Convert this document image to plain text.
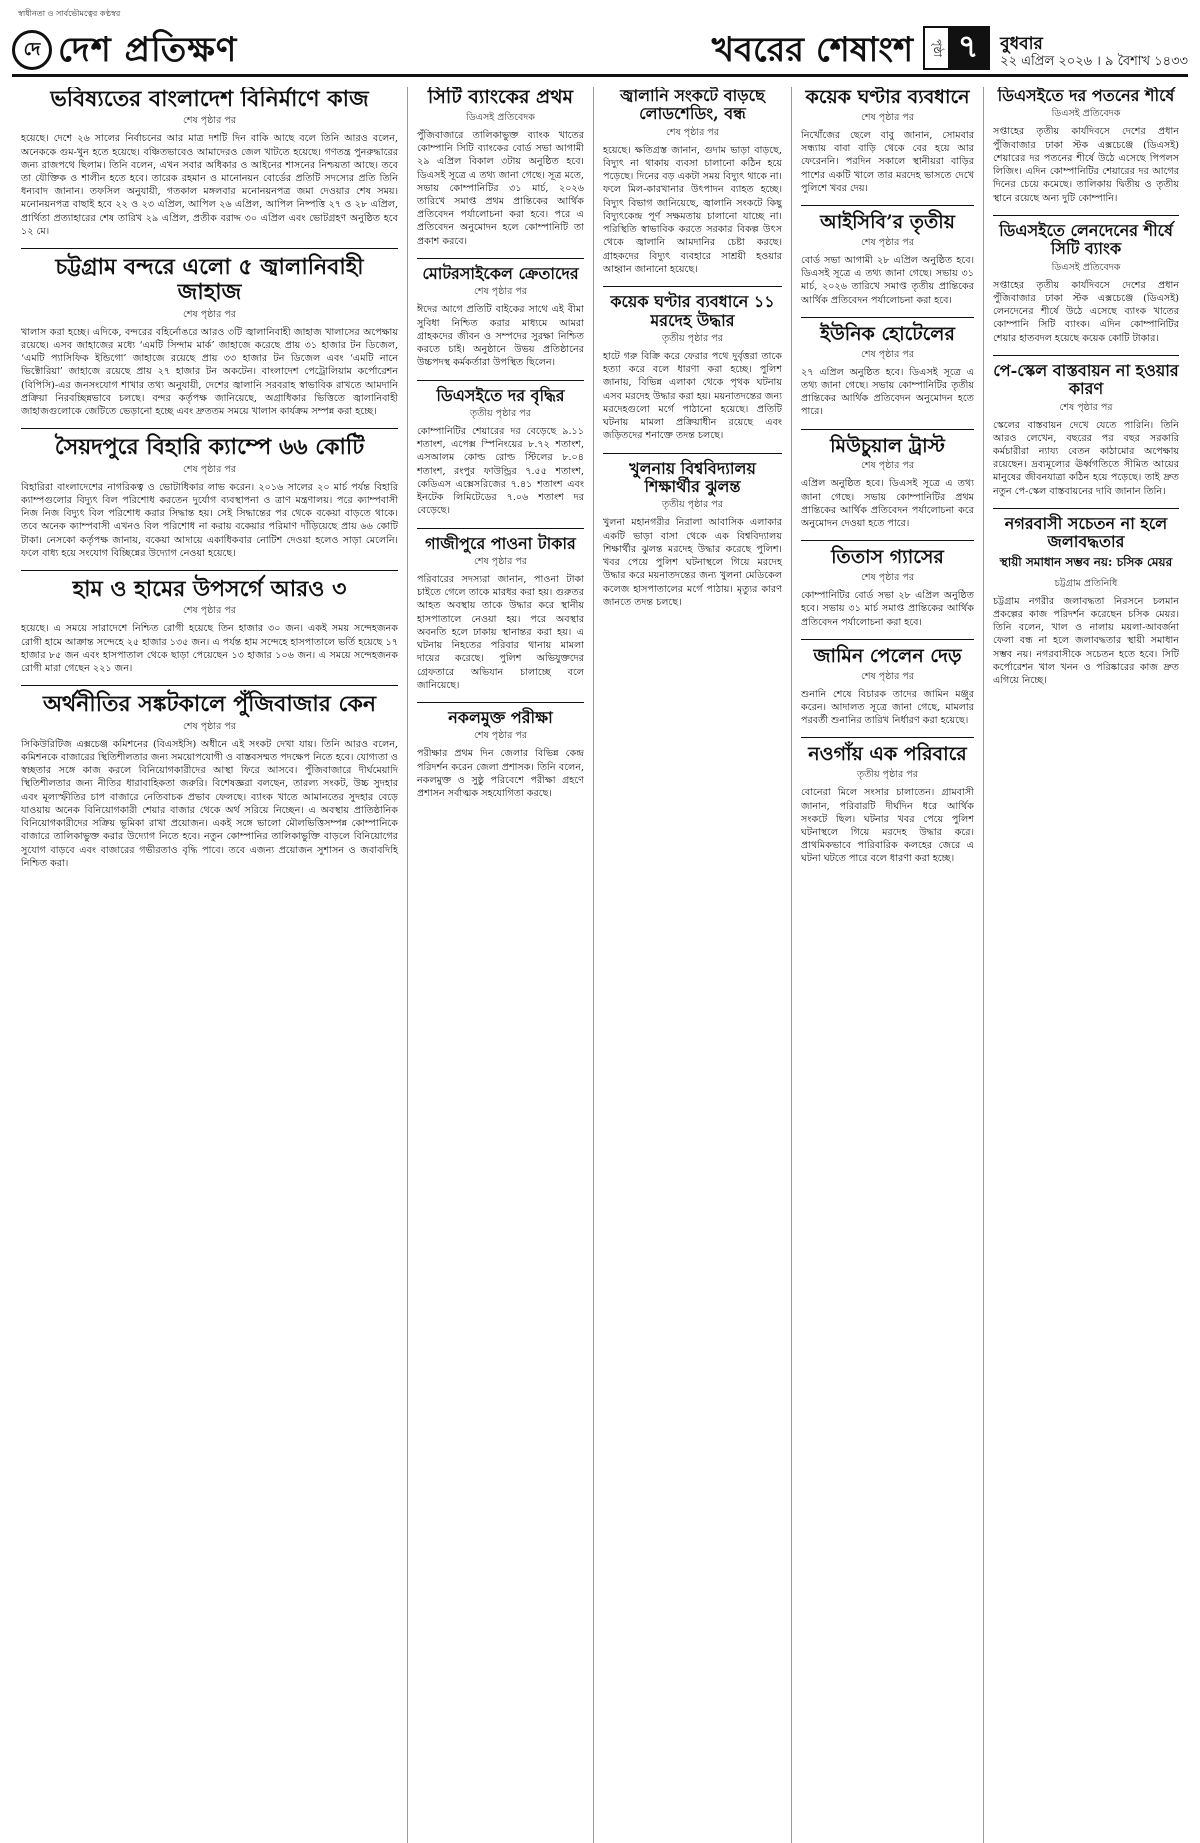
স্বাধীনতা ও সার্বভৌমত্বের কণ্ঠস্বর
দে দেশ প্রতিক্ষণ	খবরের শেষাংশ	পৃষ্ঠা ৭	বুধবার
২২ এপ্রিল ২০২৬ । ৯ বৈশাখ ১৪৩৩
ভবিষ্যতের বাংলাদেশ বিনির্মাণে কাজ

শেষ পৃষ্ঠার পর

হয়েছে। দেশে ২৬ সালের নির্বাচনের আর মাত্র দশটি দিন বাকি আছে বলে তিনি আরও বলেন, অনেককে গুম-খুন হতে হয়েছে। বঞ্চিতভাবেও আমাদেরও জেল খাটতে হয়েছে। গণতন্ত্র পুনরুদ্ধারের জন্য রাজপথে ছিলাম। তিনি বলেন, এখন সবার অধিকার ও আইনের শাসনের নিশ্চয়তা আছে। তবে তা যৌক্তিক ও শালীন হতে হবে। তারেক রহমান ও মানোনয়ন বোর্ডের প্রতিটি সদস্যের প্রতি তিনি ধন্যবাদ জানান। তফসিল অনুযায়ী, গতকাল মঙ্গলবার মনোনয়নপত্র জমা দেওয়ার শেষ সময়। মনোনয়নপত্র বাছাই হবে ২২ ও ২৩ এপ্রিল, আপিল ২৬ এপ্রিল, আপিল নিষ্পত্তি ২৭ ও ২৮ এপ্রিল, প্রার্থিতা প্রত্যাহারের শেষ তারিখ ২৯ এপ্রিল, প্রতীক বরাদ্দ ৩০ এপ্রিল এবং ভোটগ্রহণ অনুষ্ঠিত হবে ১২ মে।

চট্টগ্রাম বন্দরে এলো ৫ জ্বালানিবাহী জাহাজ

শেষ পৃষ্ঠার পর

খালাস করা হচ্ছে। এদিকে, বন্দরের বহির্নোঙরে আরও ৩টি জ্বালানিবাহী জাহাজ খালাসের অপেক্ষায় রয়েছে। এসব জাহাজের মধ্যে ‘এমটি সিন্দাম মার্ক’ জাহাজে করেছে প্রায় ৩১ হাজার টন ডিজেল, ‘এমটি প্যাসিফিক ইন্ডিগো’ জাহাজে রয়েছে প্রায় ৩৩ হাজার টন ডিজেল এবং ‘এমটি নানে ভিক্টোরিয়া’ জাহাজে রয়েছে প্রায় ২৭ হাজার টন অকটেন। বাংলাদেশ পেট্রোলিয়াম কর্পোরেশন (বিপিসি)-এর জনসংযোগ শাখার তথ্য অনুযায়ী, দেশের জ্বালানি সরবরাহ স্বাভাবিক রাখতে আমদানি প্রক্রিয়া নিরবচ্ছিন্নভাবে চলছে। বন্দর কর্তৃপক্ষ জানিয়েছে, অগ্রাধিকার ভিত্তিতে জ্বালানিবাহী জাহাজগুলোকে জেটিতে ভেড়ানো হচ্ছে এবং দ্রুততম সময়ে খালাস কার্যক্রম সম্পন্ন করা হচ্ছে।

সৈয়দপুরে বিহারি ক্যাম্পে ৬৬ কোটি

শেষ পৃষ্ঠার পর

বিহারিরা বাংলাদেশের নাগরিকত্ব ও ভোটাধিকার লাভ করেন। ২০১৬ সালের ২০ মার্চ পর্যন্ত বিহারি ক্যাম্পগুলোর বিদ্যুৎ বিল পরিশোধ করতেন দুর্যোগ ব্যবস্থাপনা ও ত্রাণ মন্ত্রণালয়। পরে ক্যাম্পবাসী নিজ নিজ বিদ্যুৎ বিল পরিশোধ করার সিদ্ধান্ত হয়। সেই সিদ্ধান্তের পর থেকে বকেয়া বাড়তে থাকে। তবে অনেক ক্যাম্পবাসী এখনও বিল পরিশোধ না করায় বকেয়ার পরিমাণ দাঁড়িয়েছে প্রায় ৬৬ কোটি টাকা। নেসকো কর্তৃপক্ষ জানায়, বকেয়া আদায়ে একাধিকবার নোটিশ দেওয়া হলেও সাড়া মেলেনি। ফলে বাধ্য হয়ে সংযোগ বিচ্ছিন্নের উদ্যোগ নেওয়া হয়েছে।

হাম ও হামের উপসর্গে আরও ৩

শেষ পৃষ্ঠার পর

হয়েছে। এ সময়ে সারাদেশে নিশ্চিত রোগী হয়েছে তিন হাজার ৩০ জন। একই সময় সন্দেহজনক রোগী হামে আক্রান্ত সন্দেহে ২৫ হাজার ১৩৫ জন। এ পর্যন্ত হাম সন্দেহে হাসপাতালে ভর্তি হয়েছে ১৭ হাজার ৮৫ জন এবং হাসপাতাল থেকে ছাড়া পেয়েছেন ১৩ হাজার ১০৬ জন। এ সময়ে সন্দেহজনক রোগী মারা গেছেন ২২১ জন।

অর্থনীতির সঙ্কটকালে পুঁজিবাজার কেন

শেষ পৃষ্ঠার পর

সিকিউরিটিজ এক্সচেঞ্জ কমিশনের (বিএসইসি) অধীনে এই সংকট দেখা যায়। তিনি আরও বলেন, কমিশনকে বাজারের স্থিতিশীলতার জন্য সময়োপযোগী ও বাস্তবসম্মত পদক্ষেপ নিতে হবে। যোগ্যতা ও স্বচ্ছতার সঙ্গে কাজ করলে বিনিয়োগকারীদের আস্থা ফিরে আসবে। পুঁজিবাজারে দীর্ঘমেয়াদি স্থিতিশীলতার জন্য নীতির ধারাবাহিকতা জরুরি। বিশেষজ্ঞরা বলছেন, তারল্য সংকট, উচ্চ সুদহার এবং মূল্যস্ফীতির চাপ বাজারে নেতিবাচক প্রভাব ফেলছে। ব্যাংক খাতে আমানতের সুদহার বেড়ে যাওয়ায় অনেক বিনিয়োগকারী শেয়ার বাজার থেকে অর্থ সরিয়ে নিচ্ছেন। এ অবস্থায় প্রাতিষ্ঠানিক বিনিয়োগকারীদের সক্রিয় ভূমিকা রাখা প্রয়োজন। একই সঙ্গে ভালো মৌলভিত্তিসম্পন্ন কোম্পানিকে বাজারে তালিকাভুক্ত করার উদ্যোগ নিতে হবে। নতুন কোম্পানির তালিকাভুক্তি বাড়লে বিনিয়োগের সুযোগ বাড়বে এবং বাজারের গভীরতাও বৃদ্ধি পাবে। তবে এজন্য প্রয়োজন সুশাসন ও জবাবদিহি নিশ্চিত করা।

সিটি ব্যাংকের প্রথম

ডিএসই প্রতিবেদক

পুঁজিবাজারে তালিকাভুক্ত ব্যাংক খাতের কোম্পানি সিটি ব্যাংকের বোর্ড সভা আগামী ২৯ এপ্রিল বিকাল ৩টায় অনুষ্ঠিত হবে। ডিএসই সূত্রে এ তথ্য জানা গেছে। সূত্র মতে, সভায় কোম্পানিটির ৩১ মার্চ, ২০২৬ তারিখে সমাপ্ত প্রথম প্রান্তিকের আর্থিক প্রতিবেদন পর্যালোচনা করা হবে। পরে এ প্রতিবেদন অনুমোদন হলে কোম্পানিটি তা প্রকাশ করবে।

মোটরসাইকেল ক্রেতাদের

শেষ পৃষ্ঠার পর

ঈদের আগে প্রতিটি বাইকের সাথে এই বীমা সুবিধা নিশ্চিত করার মাধ্যমে আমরা গ্রাহকদের জীবন ও সম্পদের সুরক্ষা নিশ্চিত করতে চাই। অনুষ্ঠানে উভয় প্রতিষ্ঠানের উচ্চপদস্থ কর্মকর্তারা উপস্থিত ছিলেন।

ডিএসইতে দর বৃদ্ধির

তৃতীয় পৃষ্ঠার পর

কোম্পানিটির শেয়ারের দর বেড়েছে ৯.১১ শতাংশ, এপেক্স স্পিনিংয়ের ৮.৭২ শতাংশ, এসআলম কোল্ড রোল্ড স্টিলের ৮.০৪ শতাংশ, রংপুর ফাউন্ড্রির ৭.৫৫ শতাংশ, কেডিএস এক্সেসরিজের ৭.৪১ শতাংশ এবং ইনটেক লিমিটেডের ৭.০৬ শতাংশ দর বেড়েছে।

গাজীপুরে পাওনা টাকার

শেষ পৃষ্ঠার পর

পরিবারের সদস্যরা জানান, পাওনা টাকা চাইতে গেলে তাকে মারধর করা হয়। গুরুতর আহত অবস্থায় তাকে উদ্ধার করে স্থানীয় হাসপাতালে নেওয়া হয়। পরে অবস্থার অবনতি হলে ঢাকায় স্থানান্তর করা হয়। এ ঘটনায় নিহতের পরিবার থানায় মামলা দায়ের করেছে। পুলিশ অভিযুক্তদের গ্রেফতারে অভিযান চালাচ্ছে বলে জানিয়েছে।

নকলমুক্ত পরীক্ষা

শেষ পৃষ্ঠার পর

পরীক্ষার প্রথম দিন জেলার বিভিন্ন কেন্দ্র পরিদর্শন করেন জেলা প্রশাসক। তিনি বলেন, নকলমুক্ত ও সুষ্ঠু পরিবেশে পরীক্ষা গ্রহণে প্রশাসন সর্বাত্মক সহযোগিতা করছে।

জ্বালানি সংকটে বাড়ছে লোডশেডিং, বন্ধ

শেষ পৃষ্ঠার পর

হয়েছে। ক্ষতিগ্রস্ত জানান, গুদাম ভাড়া বাড়ছে, বিদ্যুৎ না থাকায় ব্যবসা চালানো কঠিন হয়ে পড়েছে। দিনের বড় একটা সময় বিদ্যুৎ থাকে না। ফলে মিল-কারখানার উৎপাদন ব্যাহত হচ্ছে। বিদ্যুৎ বিভাগ জানিয়েছে, জ্বালানি সংকটে কিছু বিদ্যুৎকেন্দ্র পূর্ণ সক্ষমতায় চালানো যাচ্ছে না। পরিস্থিতি স্বাভাবিক করতে সরকার বিকল্প উৎস থেকে জ্বালানি আমদানির চেষ্টা করছে। গ্রাহকদের বিদ্যুৎ ব্যবহারে সাশ্রয়ী হওয়ার আহ্বান জানানো হয়েছে।

কয়েক ঘণ্টার ব্যবধানে ১১ মরদেহ উদ্ধার

তৃতীয় পৃষ্ঠার পর

হাটে গরু বিক্রি করে ফেরার পথে দুর্বৃত্তরা তাকে হত্যা করে বলে ধারণা করা হচ্ছে। পুলিশ জানায়, বিভিন্ন এলাকা থেকে পৃথক ঘটনায় এসব মরদেহ উদ্ধার করা হয়। ময়নাতদন্তের জন্য মরদেহগুলো মর্গে পাঠানো হয়েছে। প্রতিটি ঘটনায় মামলা প্রক্রিয়াধীন রয়েছে এবং জড়িতদের শনাক্তে তদন্ত চলছে।

খুলনায় বিশ্ববিদ্যালয় শিক্ষার্থীর ঝুলন্ত

তৃতীয় পৃষ্ঠার পর

খুলনা মহানগরীর নিরালা আবাসিক এলাকার একটি ভাড়া বাসা থেকে এক বিশ্ববিদ্যালয় শিক্ষার্থীর ঝুলন্ত মরদেহ উদ্ধার করেছে পুলিশ। খবর পেয়ে পুলিশ ঘটনাস্থলে গিয়ে মরদেহ উদ্ধার করে ময়নাতদন্তের জন্য খুলনা মেডিকেল কলেজ হাসপাতালের মর্গে পাঠায়। মৃত্যুর কারণ জানতে তদন্ত চলছে।

কয়েক ঘণ্টার ব্যবধানে

শেষ পৃষ্ঠার পর

নিখোঁজের ছেলে বাবু জানান, সোমবার সন্ধ্যায় বাবা বাড়ি থেকে বের হয়ে আর ফেরেননি। পরদিন সকালে স্থানীয়রা বাড়ির পাশের একটি খালে তার মরদেহ ভাসতে দেখে পুলিশে খবর দেয়।

আইসিবি’র তৃতীয়

শেষ পৃষ্ঠার পর

বোর্ড সভা আগামী ২৮ এপ্রিল অনুষ্ঠিত হবে। ডিএসই সূত্রে এ তথ্য জানা গেছে। সভায় ৩১ মার্চ, ২০২৬ তারিখে সমাপ্ত তৃতীয় প্রান্তিকের আর্থিক প্রতিবেদন পর্যালোচনা করা হবে।

ইউনিক হোটেলের

শেষ পৃষ্ঠার পর

২৭ এপ্রিল অনুষ্ঠিত হবে। ডিএসই সূত্রে এ তথ্য জানা গেছে। সভায় কোম্পানিটির তৃতীয় প্রান্তিকের আর্থিক প্রতিবেদন অনুমোদন হতে পারে।

মিউচুয়াল ট্রাস্ট

শেষ পৃষ্ঠার পর

এপ্রিল অনুষ্ঠিত হবে। ডিএসই সূত্রে এ তথ্য জানা গেছে। সভায় কোম্পানিটির প্রথম প্রান্তিকের আর্থিক প্রতিবেদন পর্যালোচনা করে অনুমোদন দেওয়া হতে পারে।

তিতাস গ্যাসের

শেষ পৃষ্ঠার পর

কোম্পানিটির বোর্ড সভা ২৮ এপ্রিল অনুষ্ঠিত হবে। সভায় ৩১ মার্চ সমাপ্ত প্রান্তিকের আর্থিক প্রতিবেদন পর্যালোচনা করা হবে।

জামিন পেলেন দেড়

শেষ পৃষ্ঠার পর

শুনানি শেষে বিচারক তাদের জামিন মঞ্জুর করেন। আদালত সূত্রে জানা গেছে, মামলার পরবর্তী শুনানির তারিখ নির্ধারণ করা হয়েছে।

নওগাঁয় এক পরিবারে

তৃতীয় পৃষ্ঠার পর

বোনেরা মিলে সংসার চালাতেন। গ্রামবাসী জানান, পরিবারটি দীর্ঘদিন ধরে আর্থিক সংকটে ছিল। ঘটনার খবর পেয়ে পুলিশ ঘটনাস্থলে গিয়ে মরদেহ উদ্ধার করে। প্রাথমিকভাবে পারিবারিক কলহের জেরে এ ঘটনা ঘটতে পারে বলে ধারণা করা হচ্ছে।

ডিএসইতে দর পতনের শীর্ষে

ডিএসই প্রতিবেদক

সপ্তাহের তৃতীয় কার্যদিবসে দেশের প্রধান পুঁজিবাজার ঢাকা স্টক এক্সচেঞ্জে (ডিএসই) শেয়ারের দর পতনের শীর্ষে উঠে এসেছে পিপলস লিজিং। এদিন কোম্পানিটির শেয়ারের দর আগের দিনের চেয়ে কমেছে। তালিকায় দ্বিতীয় ও তৃতীয় স্থানে রয়েছে অন্য দুটি কোম্পানি।

ডিএসইতে লেনদেনের শীর্ষে সিটি ব্যাংক

ডিএসই প্রতিবেদক

সপ্তাহের তৃতীয় কার্যদিবসে দেশের প্রধান পুঁজিবাজার ঢাকা স্টক এক্সচেঞ্জে (ডিএসই) লেনদেনের শীর্ষে উঠে এসেছে ব্যাংক খাতের কোম্পানি সিটি ব্যাংক। এদিন কোম্পানিটির শেয়ার হাতবদল হয়েছে কয়েক কোটি টাকার।

পে-স্কেল বাস্তবায়ন না হওয়ার কারণ

শেষ পৃষ্ঠার পর

স্কেলের বাস্তবায়ন দেখে যেতে পারিনি। তিনি আরও লেখেন, বছরের পর বছর সরকারি কর্মচারীরা ন্যায্য বেতন কাঠামোর অপেক্ষায় রয়েছেন। দ্রব্যমূল্যের ঊর্ধ্বগতিতে সীমিত আয়ের মানুষের জীবনযাত্রা কঠিন হয়ে পড়েছে। তাই দ্রুত নতুন পে-স্কেল বাস্তবায়নের দাবি জানান তিনি।

নগরবাসী সচেতন না হলে জলাবদ্ধতার

স্থায়ী সমাধান সম্ভব নয়: চসিক মেয়র

চট্টগ্রাম প্রতিনিধি

চট্টগ্রাম নগরীর জলাবদ্ধতা নিরসনে চলমান প্রকল্পের কাজ পরিদর্শন করেছেন চসিক মেয়র। তিনি বলেন, খাল ও নালায় ময়লা-আবর্জনা ফেলা বন্ধ না হলে জলাবদ্ধতার স্থায়ী সমাধান সম্ভব নয়। নগরবাসীকে সচেতন হতে হবে। সিটি কর্পোরেশন খাল খনন ও পরিষ্কারের কাজ দ্রুত এগিয়ে নিচ্ছে।
